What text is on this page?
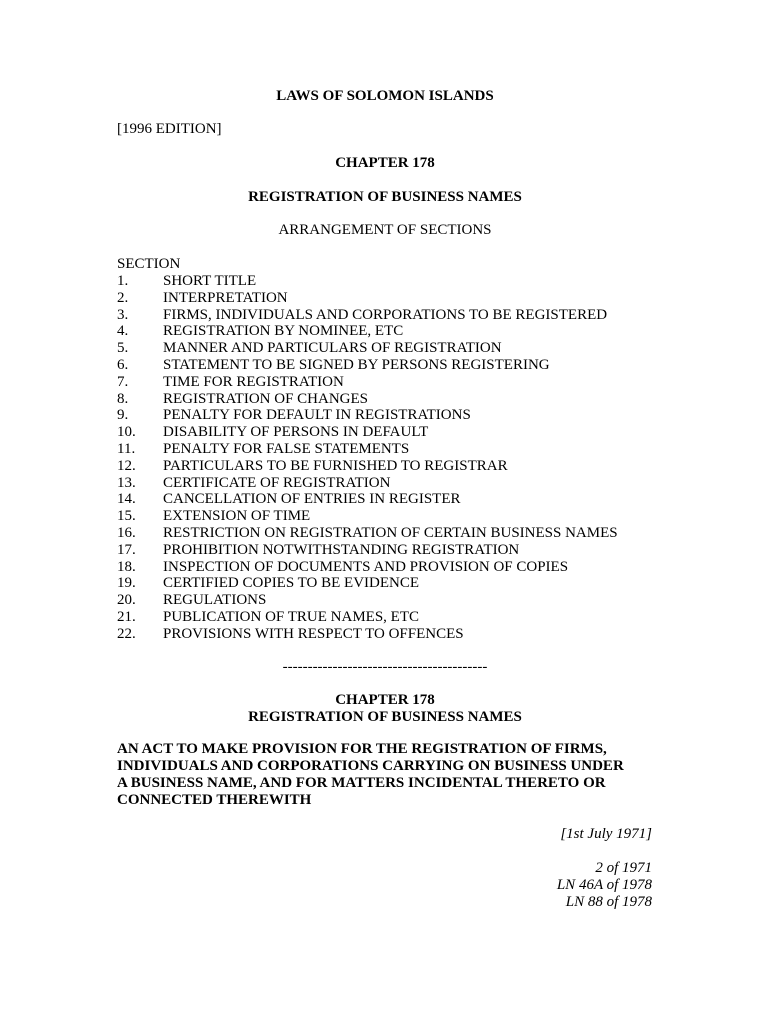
LAWS OF SOLOMON ISLANDS
[1996 EDITION]
CHAPTER 178
REGISTRATION OF BUSINESS NAMES
ARRANGEMENT OF SECTIONS
SECTION
1.	SHORT TITLE
2.	INTERPRETATION
3.	FIRMS, INDIVIDUALS AND CORPORATIONS TO BE REGISTERED
4.	REGISTRATION BY NOMINEE, ETC
5.	MANNER AND PARTICULARS OF REGISTRATION
6.	STATEMENT TO BE SIGNED BY PERSONS REGISTERING
7.	TIME FOR REGISTRATION
8.	REGISTRATION OF CHANGES
9.	PENALTY FOR DEFAULT IN REGISTRATIONS
10.	DISABILITY OF PERSONS IN DEFAULT
11.	PENALTY FOR FALSE STATEMENTS
12.	PARTICULARS TO BE FURNISHED TO REGISTRAR
13.	CERTIFICATE OF REGISTRATION
14.	CANCELLATION OF ENTRIES IN REGISTER
15.	EXTENSION OF TIME
16.	RESTRICTION ON REGISTRATION OF CERTAIN BUSINESS NAMES
17.	PROHIBITION NOTWITHSTANDING REGISTRATION
18.	INSPECTION OF DOCUMENTS AND PROVISION OF COPIES
19.	CERTIFIED COPIES TO BE EVIDENCE
20.	REGULATIONS
21.	PUBLICATION OF TRUE NAMES, ETC
22.	PROVISIONS WITH RESPECT TO OFFENCES
-----------------------------------------
CHAPTER 178
REGISTRATION OF BUSINESS NAMES
AN ACT TO MAKE PROVISION FOR THE REGISTRATION OF FIRMS,
INDIVIDUALS AND CORPORATIONS CARRYING ON BUSINESS UNDER
A BUSINESS NAME, AND FOR MATTERS INCIDENTAL THERETO OR
CONNECTED THEREWITH
[1st July 1971]
2 of 1971
LN 46A of 1978
LN 88 of 1978
